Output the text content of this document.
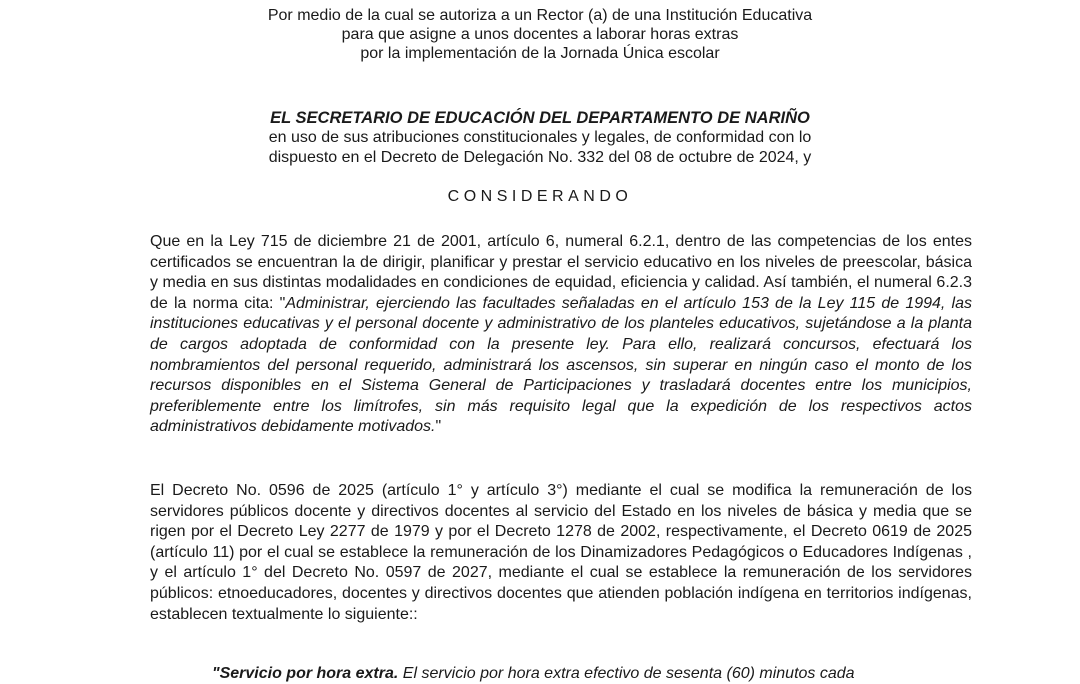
Por medio de la cual se autoriza a un Rector (a) de una Institución Educativa
para que asigne a unos docentes a laborar horas extras
por la implementación de la Jornada Única escolar
EL SECRETARIO DE EDUCACIÓN DEL DEPARTAMENTO DE NARIÑO
en uso de sus atribuciones constitucionales y legales, de conformidad con lo
dispuesto en el Decreto de Delegación No. 332 del 08 de octubre de 2024, y
CONSIDERANDO
Que en la Ley 715 de diciembre 21 de 2001, artículo 6, numeral 6.2.1, dentro de las competencias de los entes certificados se encuentran la de dirigir, planificar y prestar el servicio educativo en los niveles de preescolar, básica y media en sus distintas modalidades en condiciones de equidad, eficiencia y calidad. Así también, el numeral 6.2.3 de la norma cita: "Administrar, ejerciendo las facultades señaladas en el artículo 153 de la Ley 115 de 1994, las instituciones educativas y el personal docente y administrativo de los planteles educativos, sujetándose a la planta de cargos adoptada de conformidad con la presente ley. Para ello, realizará concursos, efectuará los nombramientos del personal requerido, administrará los ascensos, sin superar en ningún caso el monto de los recursos disponibles en el Sistema General de Participaciones y trasladará docentes entre los municipios, preferiblemente entre los limítrofes, sin más requisito legal que la expedición de los respectivos actos administrativos debidamente motivados."
El Decreto No. 0596 de 2025 (artículo 1° y artículo 3°) mediante el cual se modifica la remuneración de los servidores públicos docente y directivos docentes al servicio del Estado en los niveles de básica y media que se rigen por el Decreto Ley 2277 de 1979 y por el Decreto 1278 de 2002, respectivamente, el Decreto 0619 de 2025 (artículo 11) por el cual se establece la remuneración de los Dinamizadores Pedagógicos o Educadores Indígenas , y el artículo 1° del Decreto No. 0597 de 2027, mediante el cual se establece la remuneración de los servidores públicos: etnoeducadores, docentes y directivos docentes que atienden población indígena en territorios indígenas, establecen textualmente lo siguiente::
"Servicio por hora extra. El servicio por hora extra efectivo de sesenta (60) minutos cada
